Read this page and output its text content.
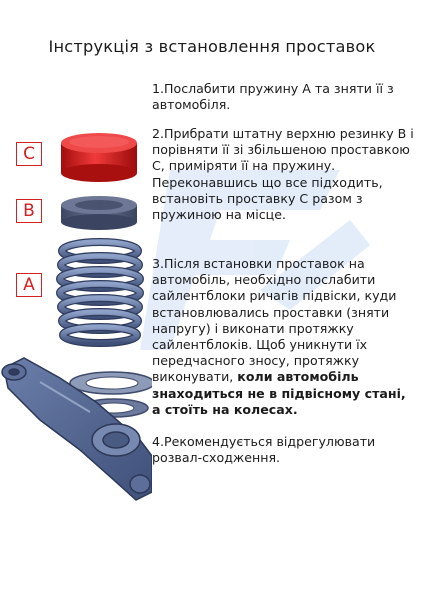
Інструкція з встановлення проставок
C
B
A
1.Послабити пружину А та зняти її з автомобіля.
2.Прибрати штатну верхню резинку В і порівняти її зі збільшеною проставкою С, приміряти її на пружину. Переконавшись що все підходить, встановіть проставку С разом з пружиною на місце.
3.Після встановки проставок на автомобіль, необхідно послабити сайлентблоки ричагів підвіски, куди встановлювались проставки (зняти напругу) і виконати протяжку сайлентблоків. Щоб уникнути їх передчасного зносу, протяжку виконувати, коли автомобіль знаходиться не в підвісному стані, а стоїть на колесах.
4.Рекомендується відрегулювати розвал-сходження.
